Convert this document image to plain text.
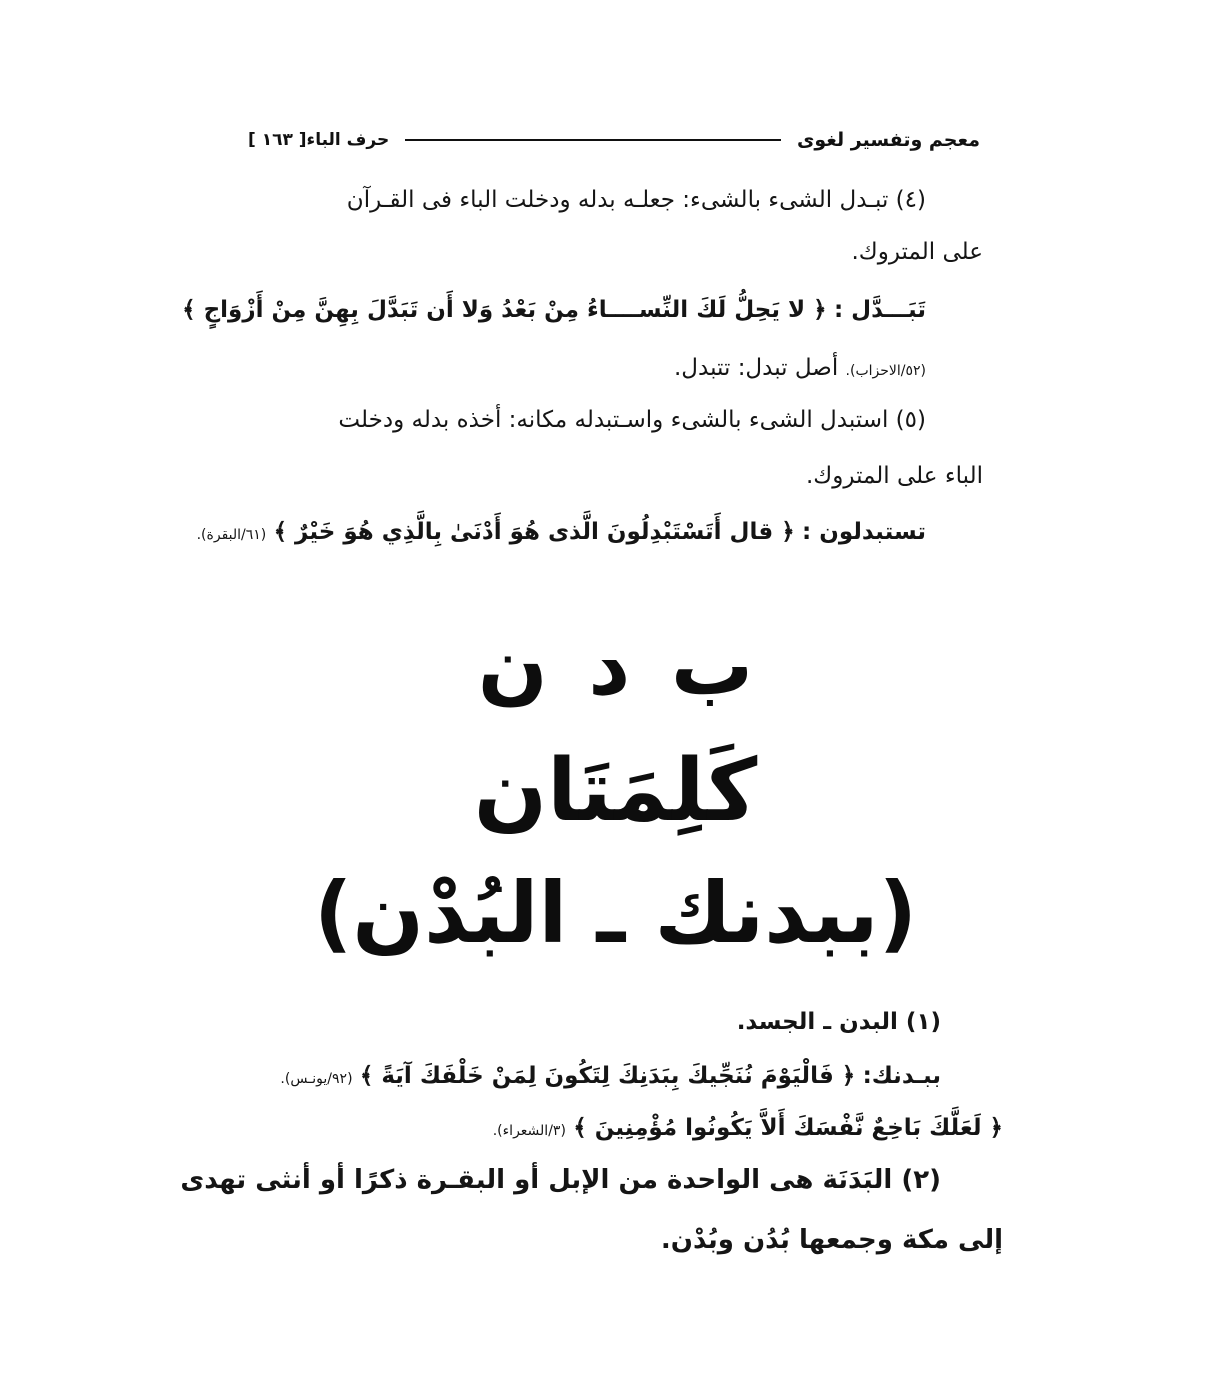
معجم وتفسير لغوى
حرف الباء[ ١٦٣ ]
(٤) تبـدل الشىء بالشىء: جعلـه بدله ودخلت الباء فى القـرآن
على المتروك.
تَبَـــدَّل : ﴿ لا يَحِلُّ لَكَ النِّســــاءُ مِنْ بَعْدُ وَلا أَن تَبَدَّلَ بِهِنَّ مِنْ أَزْوَاجٍ ﴾
(٥٢/الاحزاب). أصل تبدل: تتبدل.
(٥) استبدل الشىء بالشىء واسـتبدله مكانه: أخذه بدله ودخلت
الباء على المتروك.
تستبدلون : ﴿ قال أَتَسْتَبْدِلُونَ الَّذى هُوَ أَدْنَىٰ بِالَّذِي هُوَ خَيْرٌ ﴾ (٦١/البقرة).
ب د ن
كَلِمَتَان
(ببدنك ـ البُدْن)
(١) البدن ـ الجسد.
ببـدنك: ﴿ فَالْيَوْمَ نُنَجِّيكَ بِبَدَنِكَ لِتَكُونَ لِمَنْ خَلْفَكَ آيَةً ﴾ (٩٢/يونـس).
﴿ لَعَلَّكَ بَاخِعٌ نَّفْسَكَ أَلاَّ يَكُونُوا مُؤْمِنِينَ ﴾ (٣/الشعراء).
(٢) البَدَنَة هى الواحدة من الإبل أو البقـرة ذكرًا أو أنثى تهدى
إلى مكة وجمعها بُدُن وبُدْن.
